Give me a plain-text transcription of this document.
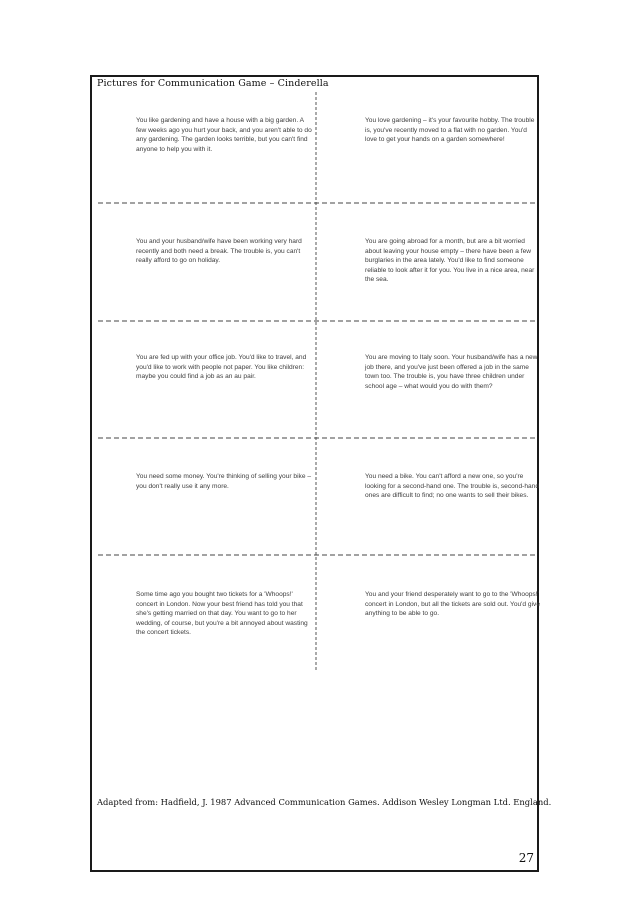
Pictures for Communication Game – Cinderella
You like gardening and have a house with a big garden. A few weeks ago you hurt your back, and you aren't able to do any gardening. The garden looks terrible, but you can't find anyone to help you with it.
You love gardening – it's your favourite hobby. The trouble is, you've recently moved to a flat with no garden. You'd love to get your hands on a garden somewhere!
You and your husband/wife have been working very hard recently and both need a break. The trouble is, you can't really afford to go on holiday.
You are going abroad for a month, but are a bit worried about leaving your house empty – there have been a few burglaries in the area lately. You'd like to find someone reliable to look after it for you. You live in a nice area, near the sea.
You are fed up with your office job. You'd like to travel, and you'd like to work with people not paper. You like children: maybe you could find a job as an au pair.
You are moving to Italy soon. Your husband/wife has a new job there, and you've just been offered a job in the same town too. The trouble is, you have three children under school age – what would you do with them?
You need some money. You're thinking of selling your bike – you don't really use it any more.
You need a bike. You can't afford a new one, so you're looking for a second-hand one. The trouble is, second-hand ones are difficult to find; no one wants to sell their bikes.
Some time ago you bought two tickets for a 'Whoops!' concert in London. Now your best friend has told you that she's getting married on that day. You want to go to her wedding, of course, but you're a bit annoyed about wasting the concert tickets.
You and your friend desperately want to go to the 'Whoops!' concert in London, but all the tickets are sold out. You'd give anything to be able to go.
Adapted from: Hadfield, J. 1987 Advanced Communication Games. Addison Wesley Longman Ltd. England.
27
